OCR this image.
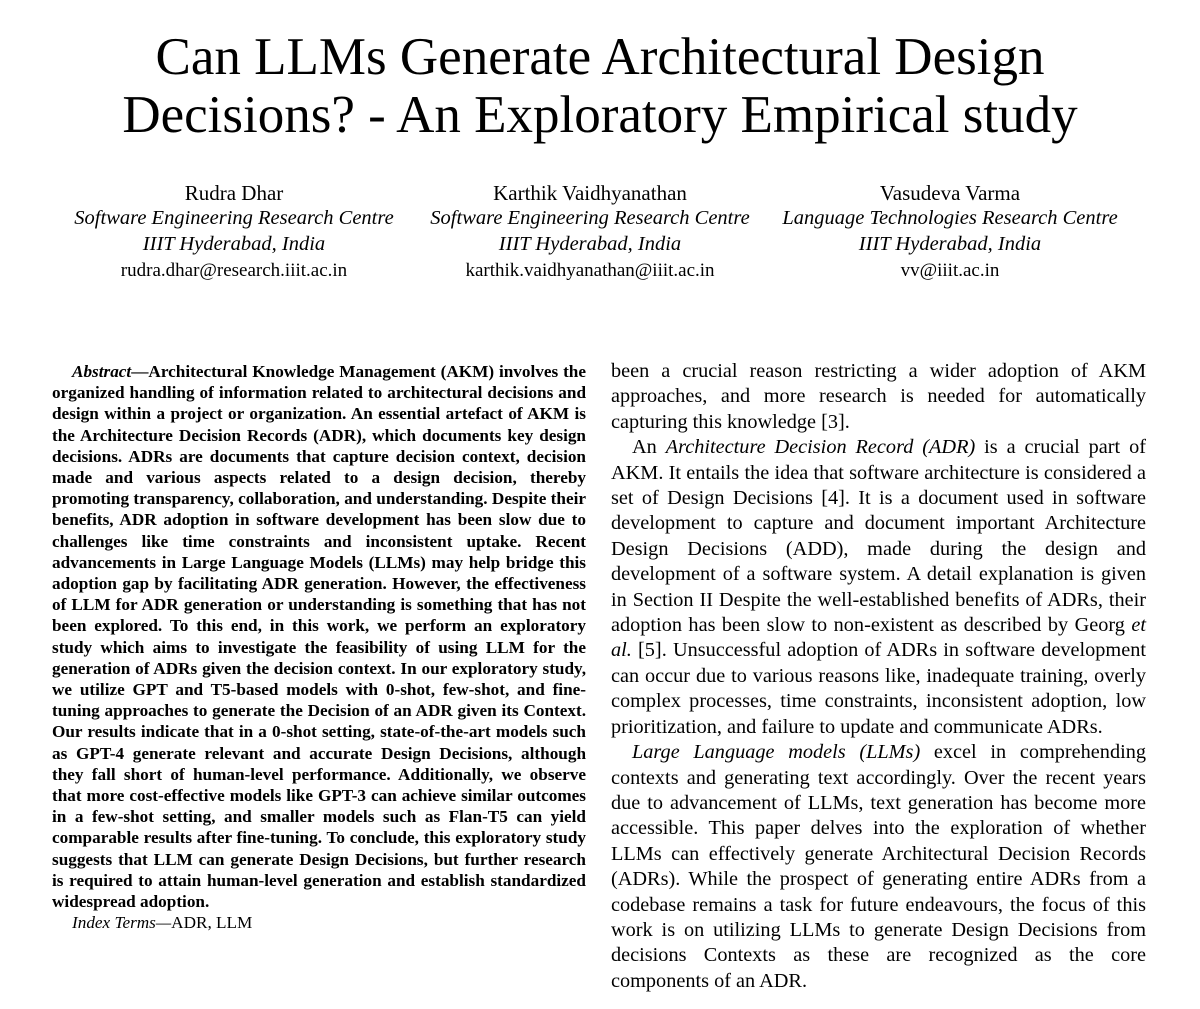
Can LLMs Generate Architectural Design
Decisions? - An Exploratory Empirical study
Rudra Dhar
Software Engineering Research Centre
IIIT Hyderabad, India
rudra.dhar@research.iiit.ac.in
Karthik Vaidhyanathan
Software Engineering Research Centre
IIIT Hyderabad, India
karthik.vaidhyanathan@iiit.ac.in
Vasudeva Varma
Language Technologies Research Centre
IIIT Hyderabad, India
vv@iiit.ac.in

Abstract—Architectural Knowledge Management (AKM) involves the organized handling of information related to architectural decisions and design within a project or organization. An essential artefact of AKM is the Architecture Decision Records (ADR), which documents key design decisions. ADRs are documents that capture decision context, decision made and various aspects related to a design decision, thereby promoting transparency, collaboration, and understanding. Despite their benefits, ADR adoption in software development has been slow due to challenges like time constraints and inconsistent uptake. Recent advancements in Large Language Models (LLMs) may help bridge this adoption gap by facilitating ADR generation. However, the effectiveness of LLM for ADR generation or understanding is something that has not been explored. To this end, in this work, we perform an exploratory study which aims to investigate the feasibility of using LLM for the generation of ADRs given the decision context. In our exploratory study, we utilize GPT and T5-based models with 0-shot, few-shot, and fine-tuning approaches to generate the Decision of an ADR given its Context. Our results indicate that in a 0-shot setting, state-of-the-art models such as GPT-4 generate relevant and accurate Design Decisions, although they fall short of human-level performance. Additionally, we observe that more cost-effective models like GPT-3 can achieve similar outcomes in a few-shot setting, and smaller models such as Flan-T5 can yield comparable results after fine-tuning. To conclude, this exploratory study suggests that LLM can generate Design Decisions, but further research is required to attain human-level generation and establish standardized widespread adoption.

Index Terms—ADR, LLM

been a crucial reason restricting a wider adoption of AKM approaches, and more research is needed for automatically capturing this knowledge [3].

An Architecture Decision Record (ADR) is a crucial part of AKM. It entails the idea that software architecture is considered a set of Design Decisions [4]. It is a document used in software development to capture and document important Architecture Design Decisions (ADD), made during the design and development of a software system. A detail explanation is given in Section II Despite the well-established benefits of ADRs, their adoption has been slow to non-existent as described by Georg et al. [5]. Unsuccessful adoption of ADRs in software development can occur due to various reasons like, inadequate training, overly complex processes, time constraints, inconsistent adoption, low prioritization, and failure to update and communicate ADRs.

Large Language models (LLMs) excel in comprehending contexts and generating text accordingly. Over the recent years due to advancement of LLMs, text generation has become more accessible. This paper delves into the exploration of whether LLMs can effectively generate Architectural Decision Records (ADRs). While the prospect of generating entire ADRs from a codebase remains a task for future endeavours, the focus of this work is on utilizing LLMs to generate Design Decisions from decisions Contexts as these are recognized as the core components of an ADR.
